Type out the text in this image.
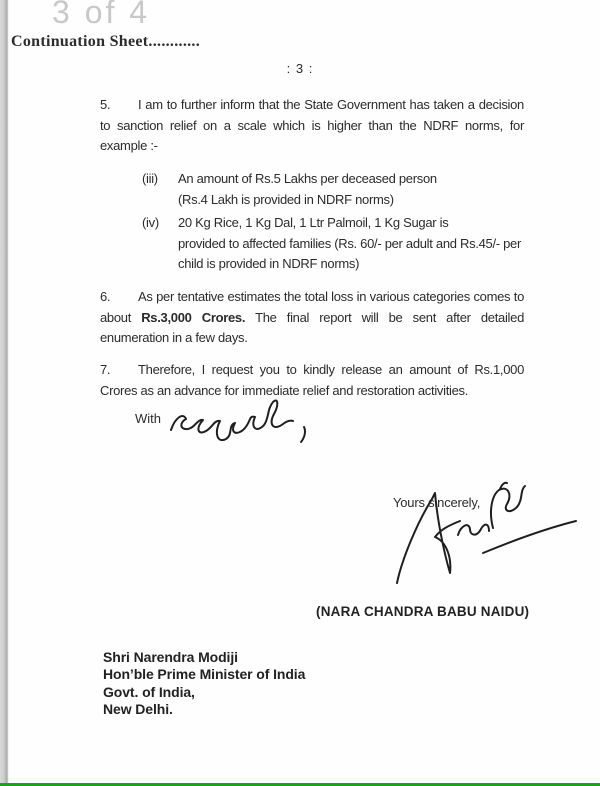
3 of 4
Continuation Sheet............
: 3 :
5. I am to further inform that the State Government has taken a decision to sanction relief on a scale which is higher than the NDRF norms, for example :-
(iii) An amount of Rs.5 Lakhs per deceased person
(Rs.4 Lakh is provided in NDRF norms)
(iv) 20 Kg Rice, 1 Kg Dal, 1 Ltr Palmoil, 1 Kg Sugar is
provided to affected families (Rs. 60/- per adult and Rs.45/- per
child is provided in NDRF norms)
6. As per tentative estimates the total loss in various categories comes to about Rs.3,000 Crores. The final report will be sent after detailed enumeration in a few days.
7. Therefore, I request you to kindly release an amount of Rs.1,000 Crores as an advance for immediate relief and restoration activities.
With
Yours sincerely,
(NARA CHANDRA BABU NAIDU)
Shri Narendra Modiji
Hon’ble Prime Minister of India
Govt. of India,
New Delhi.
